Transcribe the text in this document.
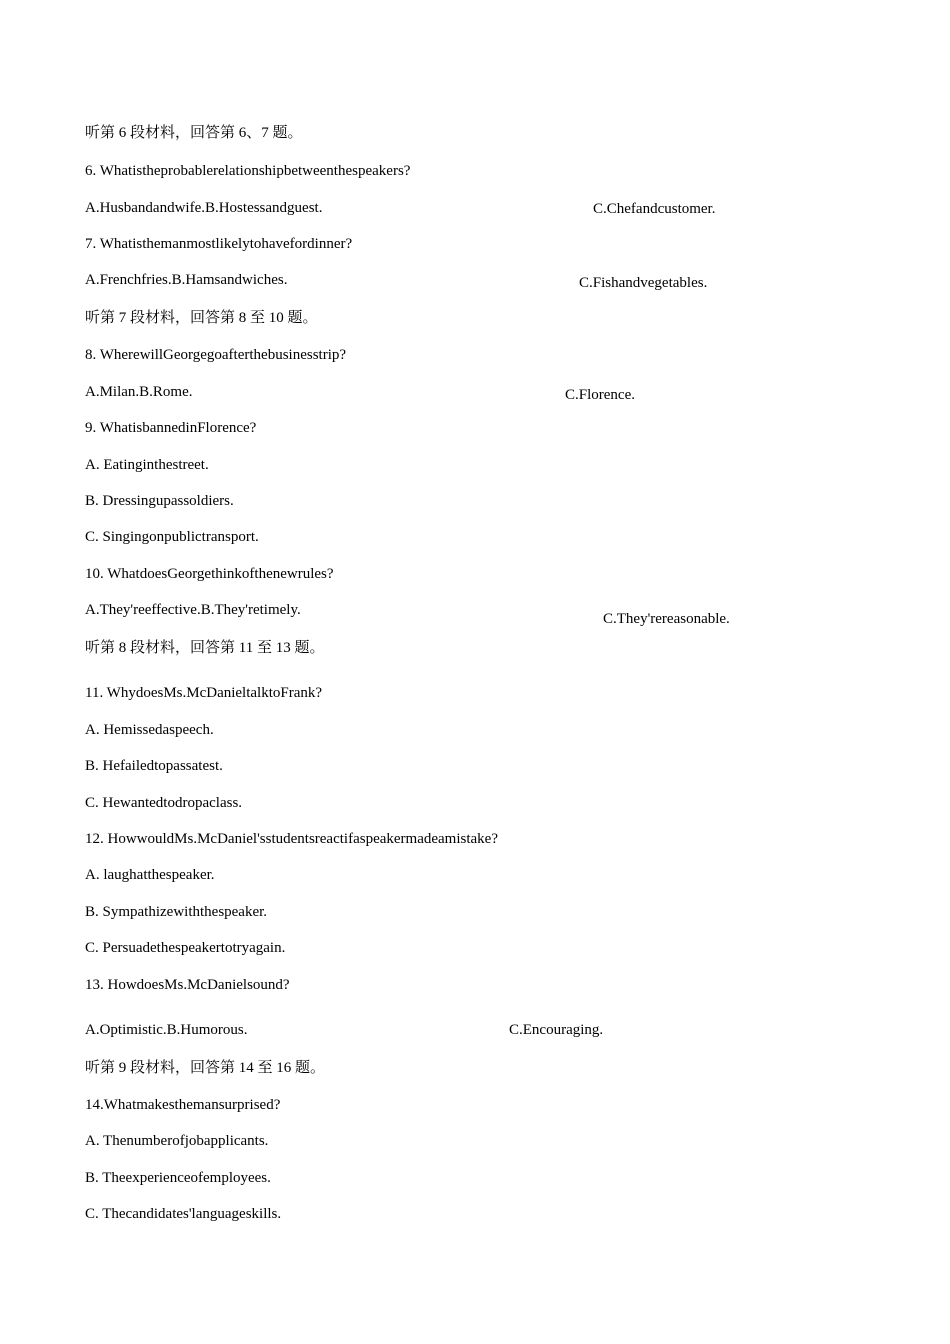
听第 6 段材料，回答第 6、7 题。
6. Whatistheprobablerelationshipbetweenthespeakers?
A.Husbandandwife.B.Hostessandguest.	C.Chefandcustomer.
7. Whatisthemanmostlikelytohavefordinner?
A.Frenchfries.B.Hamsandwiches.	C.Fishandvegetables.
听第 7 段材料，回答第 8 至 10 题。
8. WherewillGeorgegoafterthebusinesstrip?
A.Milan.B.Rome.	C.Florence.
9. WhatisbannedinFlorence?
A. Eatinginthestreet.
B. Dressingupassoldiers.
C. Singingonpublictransport.
10. WhatdoesGeorgethinkofthenewrules?
A.They'reeffective.B.They'retimely.
C.They'rereasonable.
听第 8 段材料，回答第 11 至 13 题。
11. WhydoesMs.McDanieltalktoFrank?
A. Hemissedaspeech.
B. Hefailedtopassatest.
C. Hewantedtodropaclass.
12. HowwouldMs.McDaniel'sstudentsreactifaspeakermadeamistake?
A. laughatthespeaker.
B. Sympathizewiththespeaker.
C. Persuadethespeakertotryagain.
13. HowdoesMs.McDanielsound?
A.Optimistic.B.Humorous.	C.Encouraging.
听第 9 段材料，回答第 14 至 16 题。
14.Whatmakesthemansurprised?
A. Thenumberofjobapplicants.
B. Theexperienceofemployees.
C. Thecandidates'languageskills.
